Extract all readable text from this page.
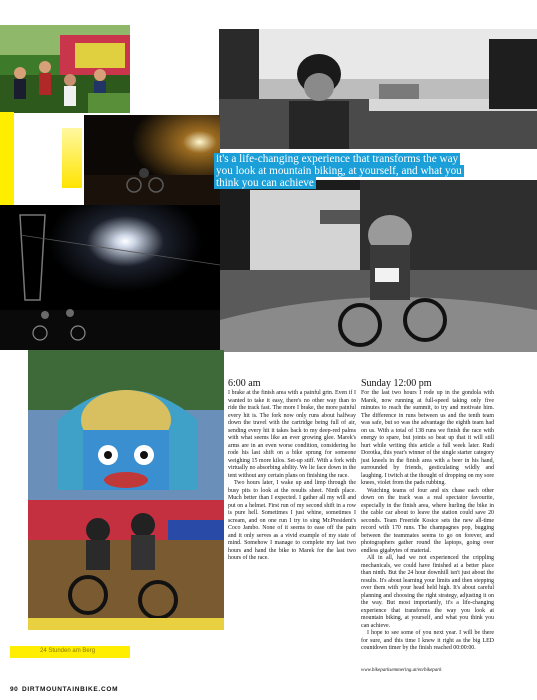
it's a life-changing experience that transforms the way you look at mountain biking, at yourself, and what you think you can achieve
6:00 am

I brake at the finish area with a painful grin. Even if I wanted to take it easy, there's no other way than to ride the track fast. The more I brake, the more painful every hit is. The fork now only runs about halfway down the travel with the cartridge being full of air, sending every hit it takes back to my deep-red palms with what seems like an ever growing glee. Marek's arms are in an even worse condition, considering he rode his last shift on a bike sprung for someone weighing 15 more kilos. Set-up stiff. With a fork with virtually no absorbing ability. We lie face down in the tent without any certain plans on finishing the race.

Two hours later, I wake up and limp through the busy pits to look at the results sheet. Ninth place. Much better than I expected. I gather all my will and put on a helmet. First run of my second shift in a row is pure hell. Sometimes I just whine, sometimes I scream, and on one run I try to sing Mr.President's Coco Jambo. None of it seems to ease off the pain and it only serves as a vivid example of my state of mind. Somehow I manage to complete my last two hours and hand the bike to Marek for the last two hours of the race.

Sunday 12:00 pm

For the last two hours I rode up in the gondola with Marek, now running at full-speed taking only five minutes to reach the summit, to try and motivate him. The difference in runs between us and the tenth team was safe, but so was the advantage the eighth team had on us. With a total of 138 runs we finish the race with energy to spare, but joints so beat up that it will still hurt while writing this article a full week later. Rudi Dorotka, this year's winner of the single starter category just kneels in the finish area with a beer in his hand, surrounded by friends, gesticulating wildly and laughing. I twitch at the thought of dropping on my sore knees, violet from the pads rubbing.

Watching teams of four and six chase each other down on the track was a real spectator favourite, especially in the finish area, where hurling the bike in the cable car about to leave the station could save 20 seconds. Team Freeride Kosice sets the new all-time record with 170 runs. The champagnes pop, bugging between the teammates seems to go on forever, and photographers gather round the laptops, going over endless gigabytes of material.

All in all, had we not experienced the crippling mechanicals, we could have finished at a better place than ninth. But the 24 hour downhill isn't just about the results. It's about learning your limits and then stepping over them with your head held high. It's about careful planning and choosing the right strategy, adjusting it on the way. But most importantly, it's a life-changing experience that transforms the way you look at mountain biking, at yourself, and what you think you can achieve.

I hope to see some of you next year. I will be there for sure, and this time I knew it right as the big LED countdown timer by the finish reached 00:00:00.

www.bikeparksemmering.at/en/bikepark
24 Stunden am Berg
90 DIRTMOUNTAINBIKE.COM
